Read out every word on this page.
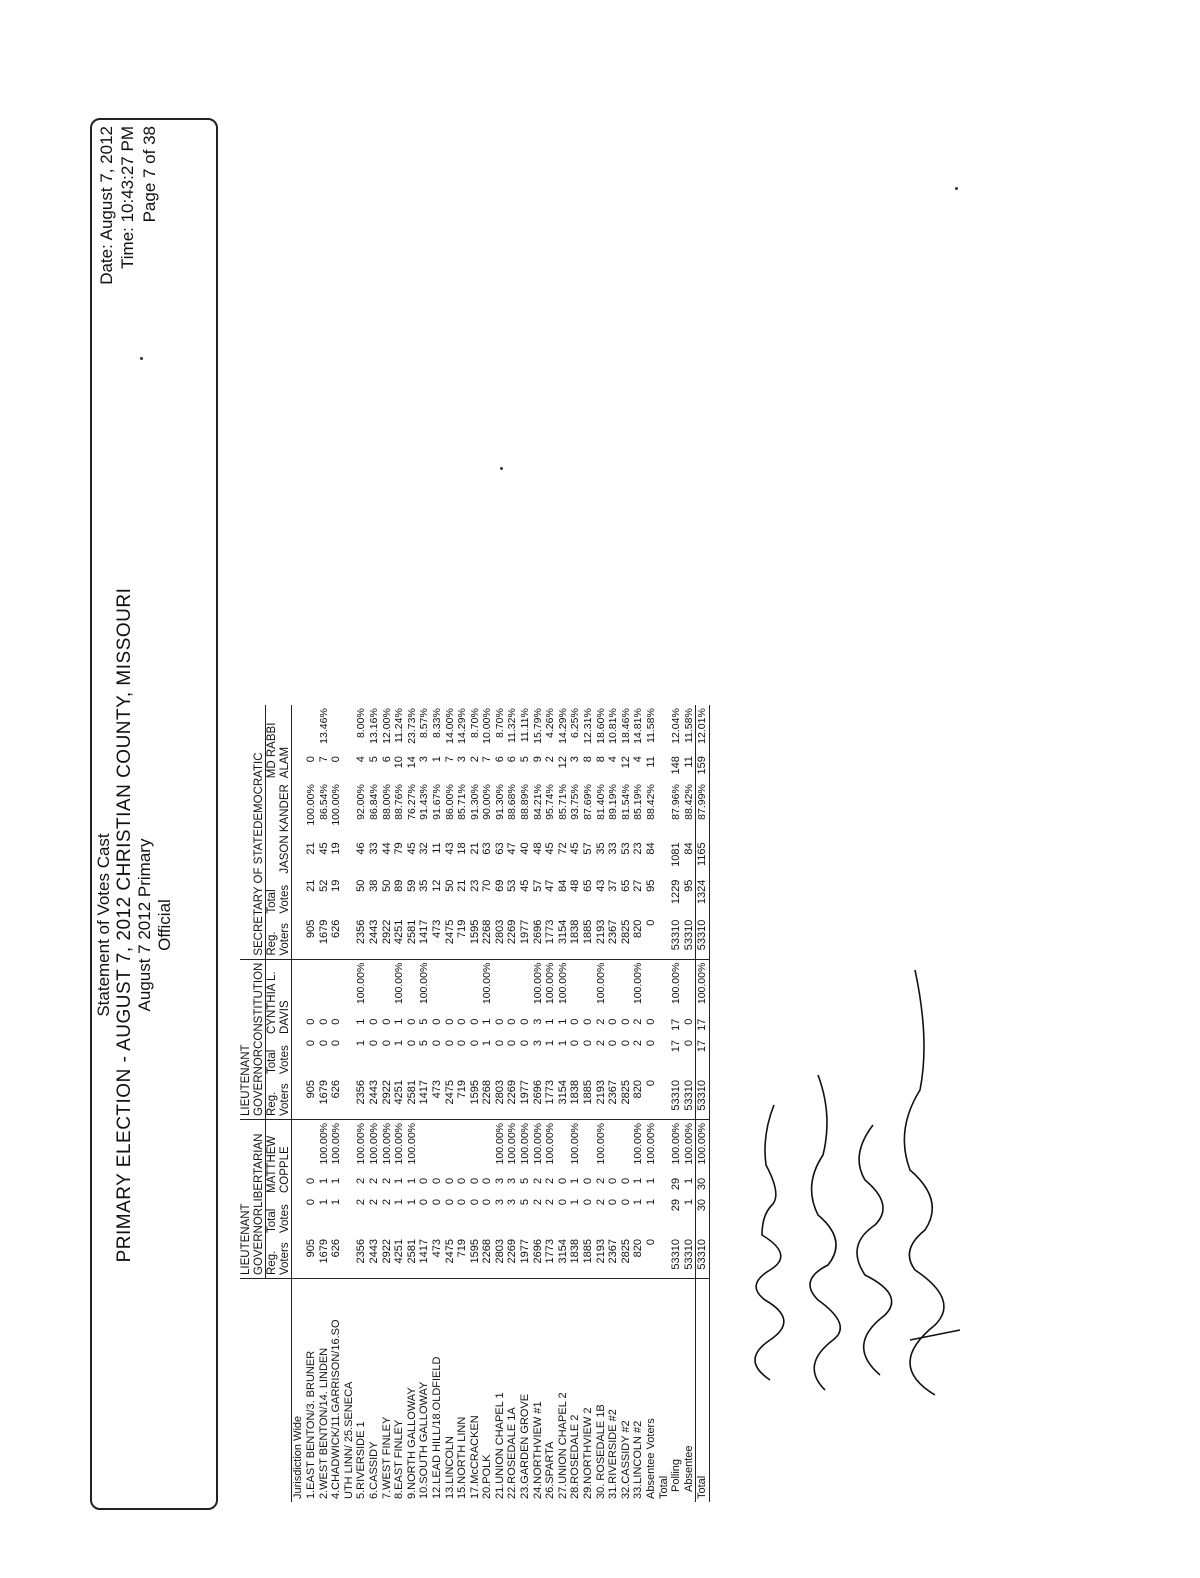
Statement of Votes Cast PRIMARY ELECTION - AUGUST 7, 2012 CHRISTIAN COUNTY, MISSOURI August 7 2012 Primary Official
Date: August 7, 2012 Time: 10:43:27 PM Page 7 of 38
	LIEUTENANT GOVERNORLIBERTARIAN				LIEUTENANT GOVERNORCONSTITUTION				SECRETARY OF STATEDEMOCRATIC					
	Reg. Voters	Total Votes	MATTHEW COPPLE		Reg. Voters	Total Votes	CYNTHIA L. DAVIS		Reg. Voters	Total Votes	JASON KANDER		MD RABBI ALAM	
Jurisdiction Wide														
1.EAST BENTON/3. BRUNER	905	0	0		905	0	0		905	21	21	100.00%	0	
2.WEST BENTON/14. LINDEN	1679	1	1	100.00%	1679	0	0		1679	52	45	86.54%	7	13.46%
4.CHADWICK/11.GARRISON/16.SO	626	1	1	100.00%	626	0	0		626	19	19	100.00%	0	
UTH LINN/ 25.SENECA														
5.RIVERSIDE 1	2356	2	2	100.00%	2356	1	1	100.00%	2356	50	46	92.00%	4	8.00%
6.CASSIDY	2443	2	2	100.00%	2443	0	0		2443	38	33	86.84%	5	13.16%
7.WEST FINLEY	2922	2	2	100.00%	2922	0	0		2922	50	44	88.00%	6	12.00%
8.EAST FINLEY	4251	1	1	100.00%	4251	1	1	100.00%	4251	89	79	88.76%	10	11.24%
9.NORTH GALLOWAY	2581	1	1	100.00%	2581	0	0		2581	59	45	76.27%	14	23.73%
10.SOUTH GALLOWAY	1417	0	0		1417	5	5	100.00%	1417	35	32	91.43%	3	8.57%
12.LEAD HILL/18.OLDFIELD	473	0	0		473	0	0		473	12	11	91.67%	1	8.33%
13.LINCOLN	2475	0	0		2475	0	0		2475	50	43	86.00%	7	14.00%
15.NORTH LINN	719	0	0		719	0	0		719	21	18	85.71%	3	14.29%
17.McCRACKEN	1595	0	0		1595	0	0		1595	23	21	91.30%	2	8.70%
20.POLK	2268	0	0		2268	1	1	100.00%	2268	70	63	90.00%	7	10.00%
21.UNION CHAPEL 1	2803	3	3	100.00%	2803	0	0		2803	69	63	91.30%	6	8.70%
22.ROSEDALE 1A	2269	3	3	100.00%	2269	0	0		2269	53	47	88.68%	6	11.32%
23.GARDEN GROVE	1977	5	5	100.00%	1977	0	0		1977	45	40	88.89%	5	11.11%
24.NORTHVIEW #1	2696	2	2	100.00%	2696	3	3	100.00%	2696	57	48	84.21%	9	15.79%
26.SPARTA	1773	2	2	100.00%	1773	1	1	100.00%	1773	47	45	95.74%	2	4.26%
27.UNION CHAPEL 2	3154	0	0		3154	1	1	100.00%	3154	84	72	85.71%	12	14.29%
28.ROSEDALE 2	1838	1	1	100.00%	1838	0	0		1838	48	45	93.75%	3	6.25%
29.NORTHVIEW 2	1885	0	0		1885	0	0		1885	65	57	87.69%	8	12.31%
30. ROSEDALE 1B	2193	2	2	100.00%	2193	2	2	100.00%	2193	43	35	81.40%	8	18.60%
31.RIVERSIDE #2	2367	0	0		2367	0	0		2367	37	33	89.19%	4	10.81%
32.CASSIDY #2	2825	0	0		2825	0	0		2825	65	53	81.54%	12	18.46%
33.LINCOLN #2	820	1	1	100.00%	820	2	2	100.00%	820	27	23	85.19%	4	14.81%
Absentee Voters	0	1	1	100.00%	0	0	0		0	95	84	88.42%	11	11.58%
Total														
Polling	53310	29	29	100.00%	53310	17	17	100.00%	53310	1229	1081	87.96%	148	12.04%
Absentee	53310	1	1	100.00%	53310	0	0		53310	95	84	88.42%	11	11.58%
Total	53310	30	30	100.00%	53310	17	17	100.00%	53310	1324	1165	87.99%	159	12.01%
